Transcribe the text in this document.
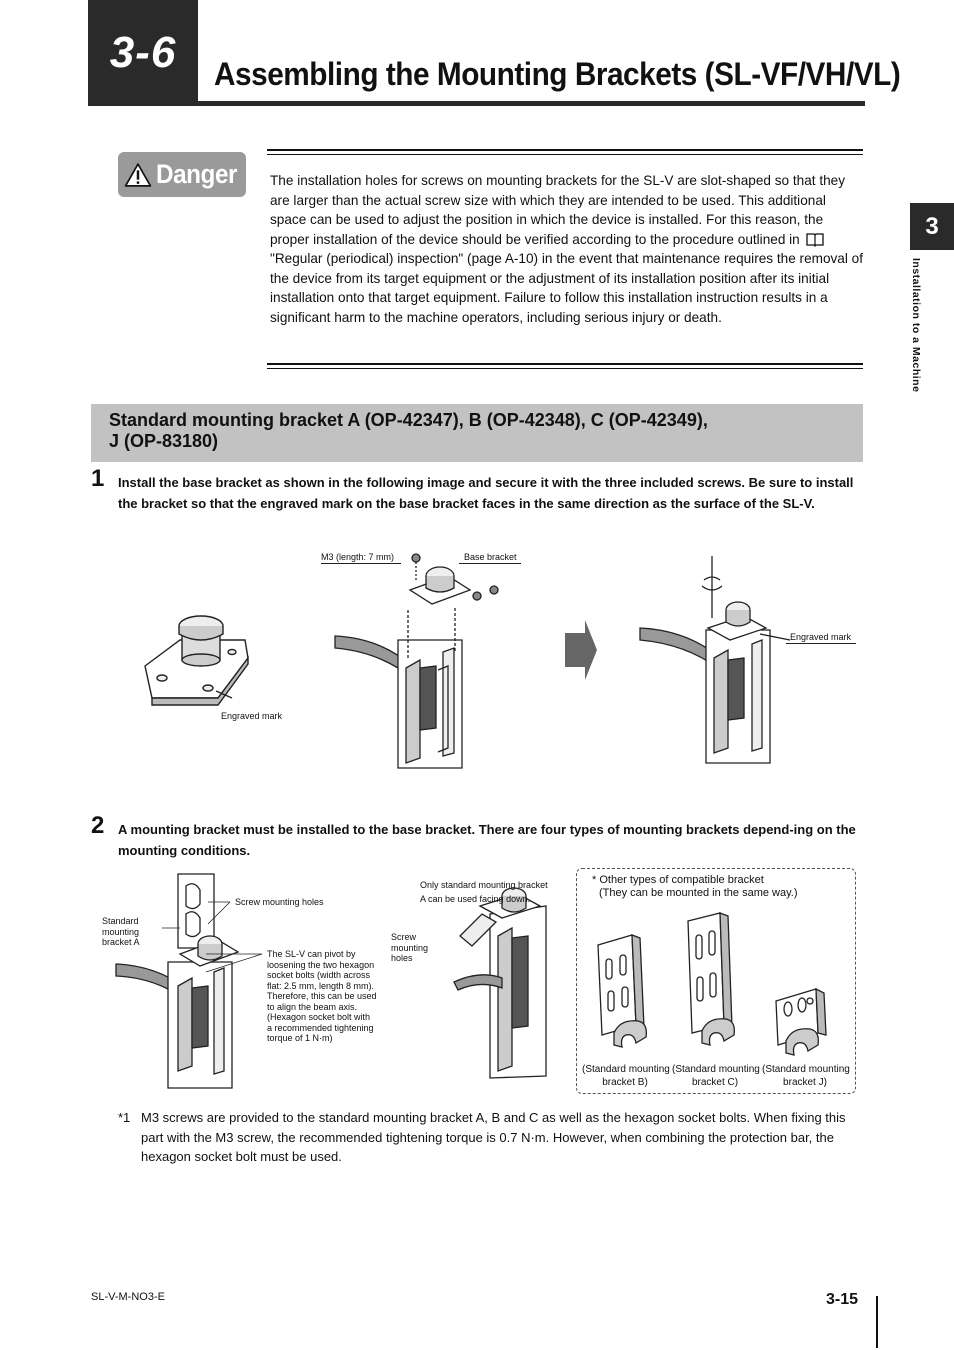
3-6 Assembling the Mounting Brackets (SL-VF/VH/VL)
3
Installation to a Machine
Danger The installation holes for screws on mounting brackets for the SL-V are slot-shaped so that they are larger than the actual screw size with which they are intended to be used. This additional space can be used to adjust the position in which the device is installed. For this reason, the proper installation of the device should be verified according to the procedure outlined in "Regular (periodical) inspection" (page A-10) in the event that maintenance requires the removal of the device from its target equipment or the adjustment of its installation position after its initial installation onto that target equipment. Failure to follow this installation instruction results in a significant harm to the machine operators, including serious injury or death.
Standard mounting bracket A (OP-42347), B (OP-42348), C (OP-42349),
J (OP-83180)
1 Install the base bracket as shown in the following image and secure it with the three included screws. Be sure to install the bracket so that the engraved mark on the base bracket faces in the same direction as the surface of the SL-V.
Engraved mark
M3 (length: 7 mm)	Base bracket
Engraved mark
2 A mounting bracket must be installed to the base bracket. There are four types of mounting brackets depend-ing on the mounting conditions.
Standard
mounting
bracket A
Screw mounting holes
The SL-V can pivot by
loosening the two hexagon
socket bolts (width across
flat: 2.5 mm, length 8 mm).
Therefore, this can be used
to align the beam axis.
(Hexagon socket bolt with
a recommended tightening
torque of 1 N·m)
Only standard mounting bracket
A can be used facing down.
Screw
mounting
holes
* Other types of compatible bracket
(They can be mounted in the same way.)
(Standard mounting
bracket B)
(Standard mounting
bracket C)
(Standard mounting
bracket J)
*1 M3 screws are provided to the standard mounting bracket A, B and C as well as the hexagon socket bolts. When fixing this part with the M3 screw, the recommended tightening torque is 0.7 N·m. However, when combining the protection bar, the hexagon socket bolt must be used.
SL-V-M-NO3-E	3-15
